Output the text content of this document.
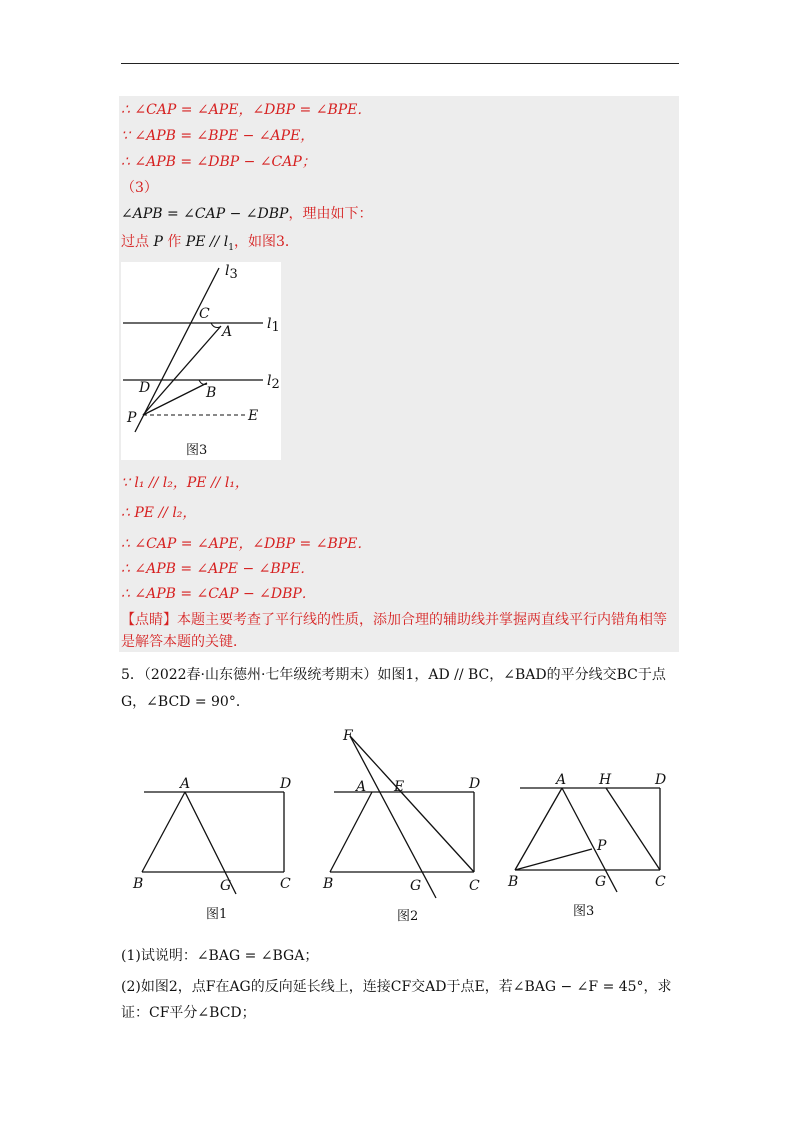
∴ ∠CAP = ∠APE，∠DBP = ∠BPE．
∵ ∠APB = ∠BPE − ∠APE，
∴ ∠APB = ∠DBP − ∠CAP；
（3）
∠APB = ∠CAP − ∠DBP，理由如下：
过点 P 作 PE // $l_1$，如图3．
l3
l1
l2
C
A
D	B
P	E
图3
∵ l₁ // l₂，PE // l₁，
∴ PE // l₂，
∴ ∠CAP = ∠APE，∠DBP = ∠BPE．
∴ ∠APB = ∠APE − ∠BPE．
∴ ∠APB = ∠CAP − ∠DBP．
【点睛】本题主要考查了平行线的性质，添加合理的辅助线并掌握两直线平行内错角相等是解答本题的关键．
5．（2022春·山东德州·七年级统考期末）如图1，AD // BC，∠BAD的平分线交BC于点
G，∠BCD = 90°．
A	D
B	G	C
图1
F
A E	D
B	G	C
图2
A H	D
P
B	G	C
图3
(1)试说明：∠BAG = ∠BGA；
(2)如图2，点F在AG的反向延长线上，连接CF交AD于点E，若∠BAG − ∠F = 45°，求
证：CF平分∠BCD；
